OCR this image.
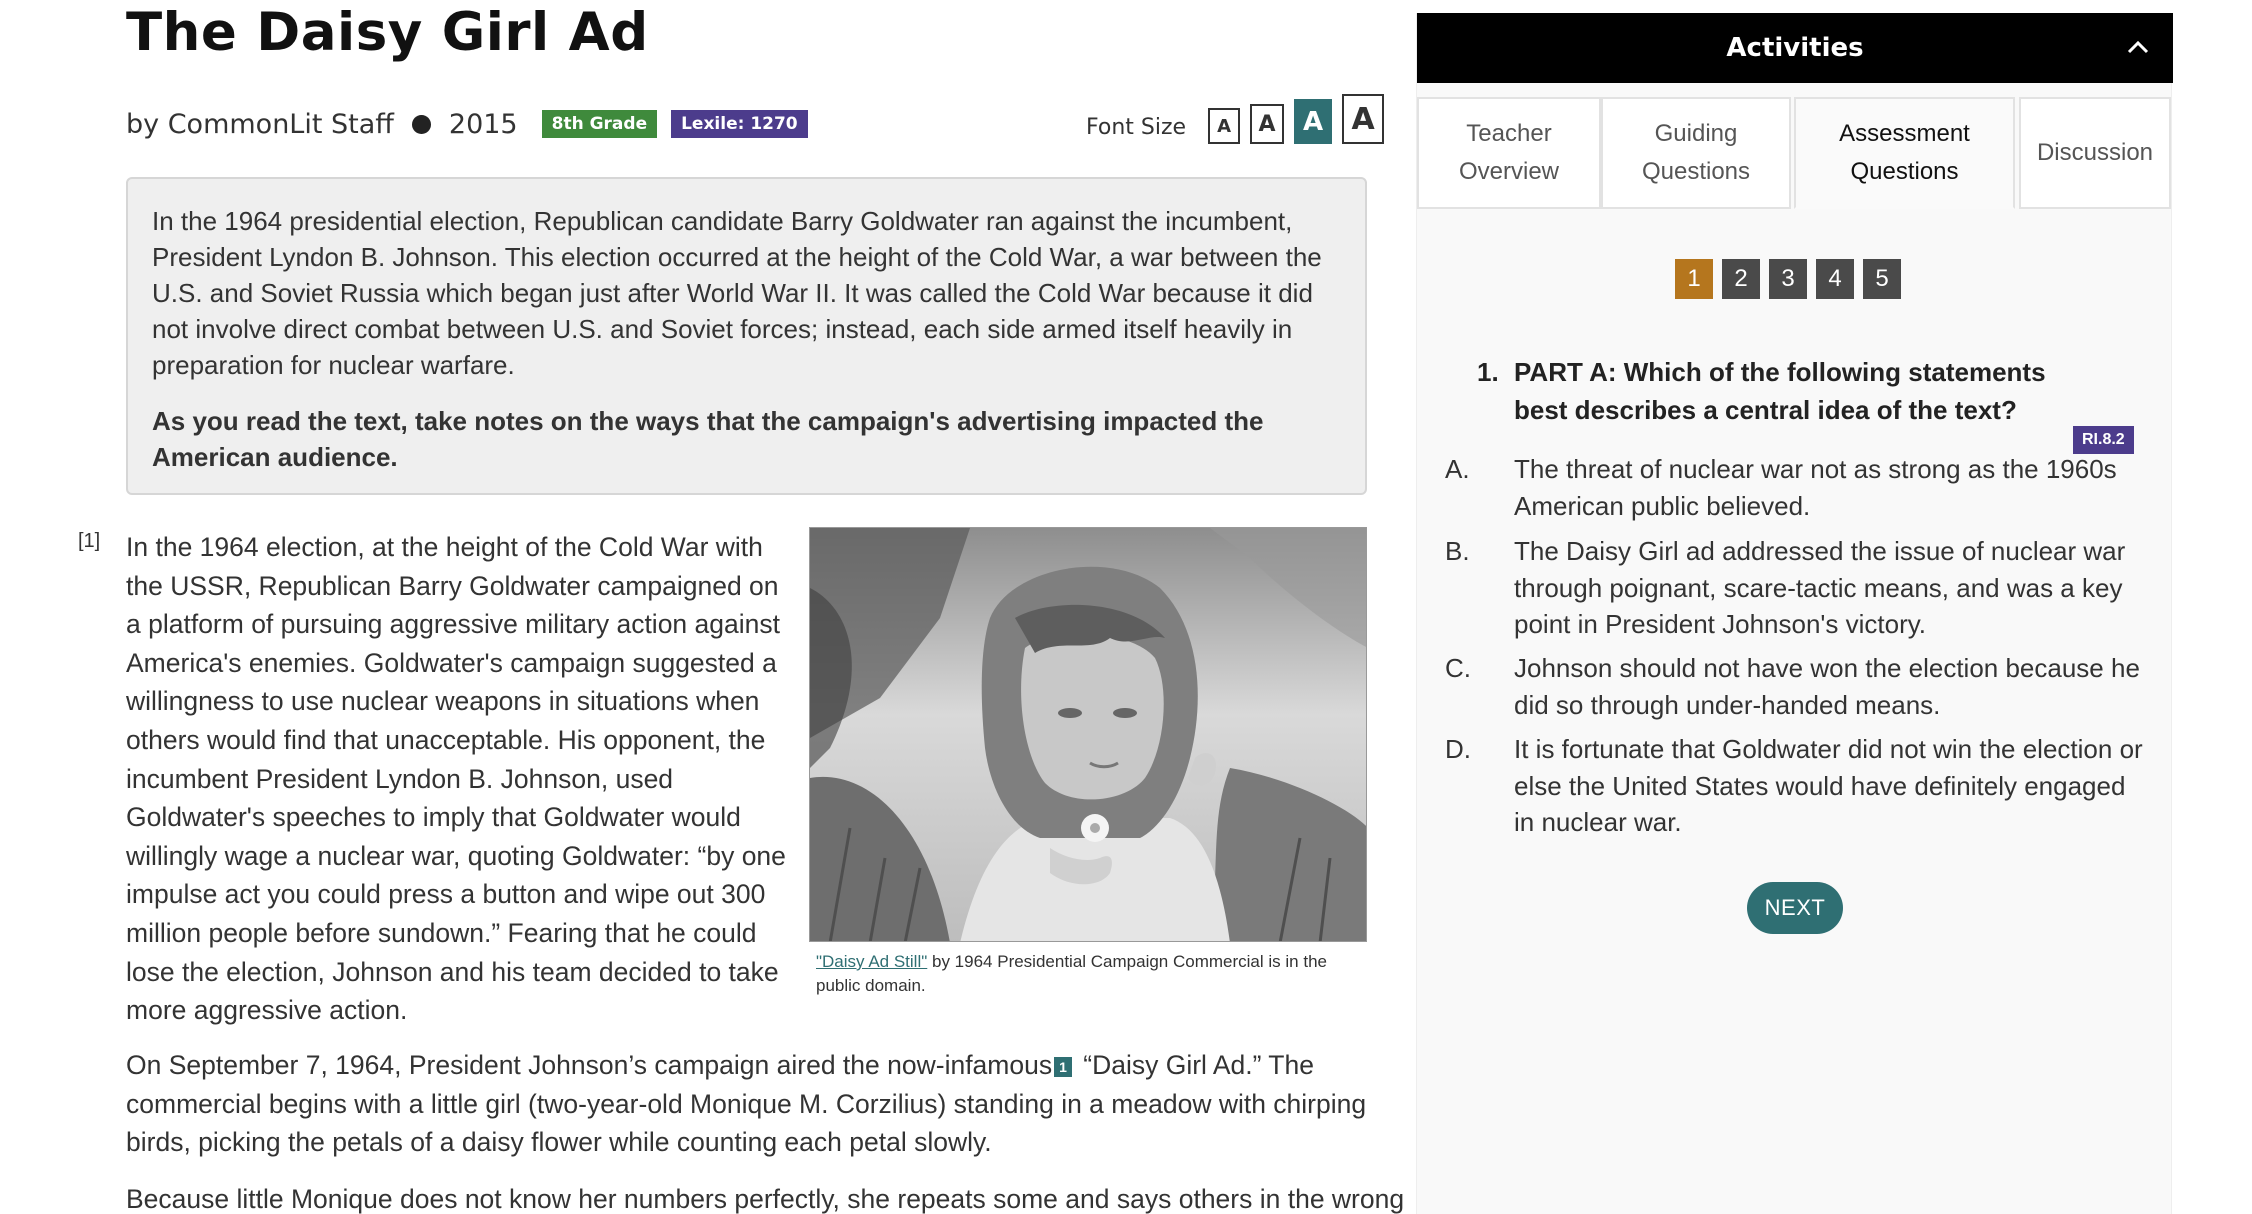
The Daisy Girl Ad
by CommonLit Staff 2015	8th Grade	Lexile: 1270	Font Size	A	A	A A

In the 1964 presidential election, Republican candidate Barry Goldwater ran against the incumbent, President Lyndon B. Johnson. This election occurred at the height of the Cold War, a war between the U.S. and Soviet Russia which began just after World War II. It was called the Cold War because it did not involve direct combat between U.S. and Soviet forces; instead, each side armed itself heavily in preparation for nuclear warfare.

As you read the text, take notes on the ways that the campaign's advertising impacted the American audience.

[1] In the 1964 election, at the height of the Cold War with the USSR, Republican Barry Goldwater campaigned on a platform of pursuing aggressive military action against America's enemies. Goldwater's campaign suggested a willingness to use nuclear weapons in situations when others would find that unacceptable. His opponent, the incumbent President Lyndon B. Johnson, used Goldwater's speeches to imply that Goldwater would willingly wage a nuclear war, quoting Goldwater: “by one impulse act you could press a button and wipe out 300 million people before sundown.” Fearing that he could lose the election, Johnson and his team decided to take more aggressive action.

"Daisy Ad Still" by 1964 Presidential Campaign Commercial is in the public domain.

On September 7, 1964, President Johnson’s campaign aired the now-infamous 1 “Daisy Girl Ad.” The commercial begins with a little girl (two-year-old Monique M. Corzilius) standing in a meadow with chirping birds, picking the petals of a daisy flower while counting each petal slowly.

Because little Monique does not know her numbers perfectly, she repeats some and says others in the wrong

Activities
Teacher
Overview
Guiding
Questions
Assessment
Questions
Discussion
1	2	3	4	5
1. PART A: Which of the following statements best describes a central idea of the text?
RI.8.2
A.	The threat of nuclear war not as strong as the 1960s American public believed.
B.	The Daisy Girl ad addressed the issue of nuclear war through poignant, scare-tactic means, and was a key point in President Johnson's victory.
C.	Johnson should not have won the election because he did so through under-handed means.
D.	It is fortunate that Goldwater did not win the election or else the United States would have definitely engaged in nuclear war.
NEXT
